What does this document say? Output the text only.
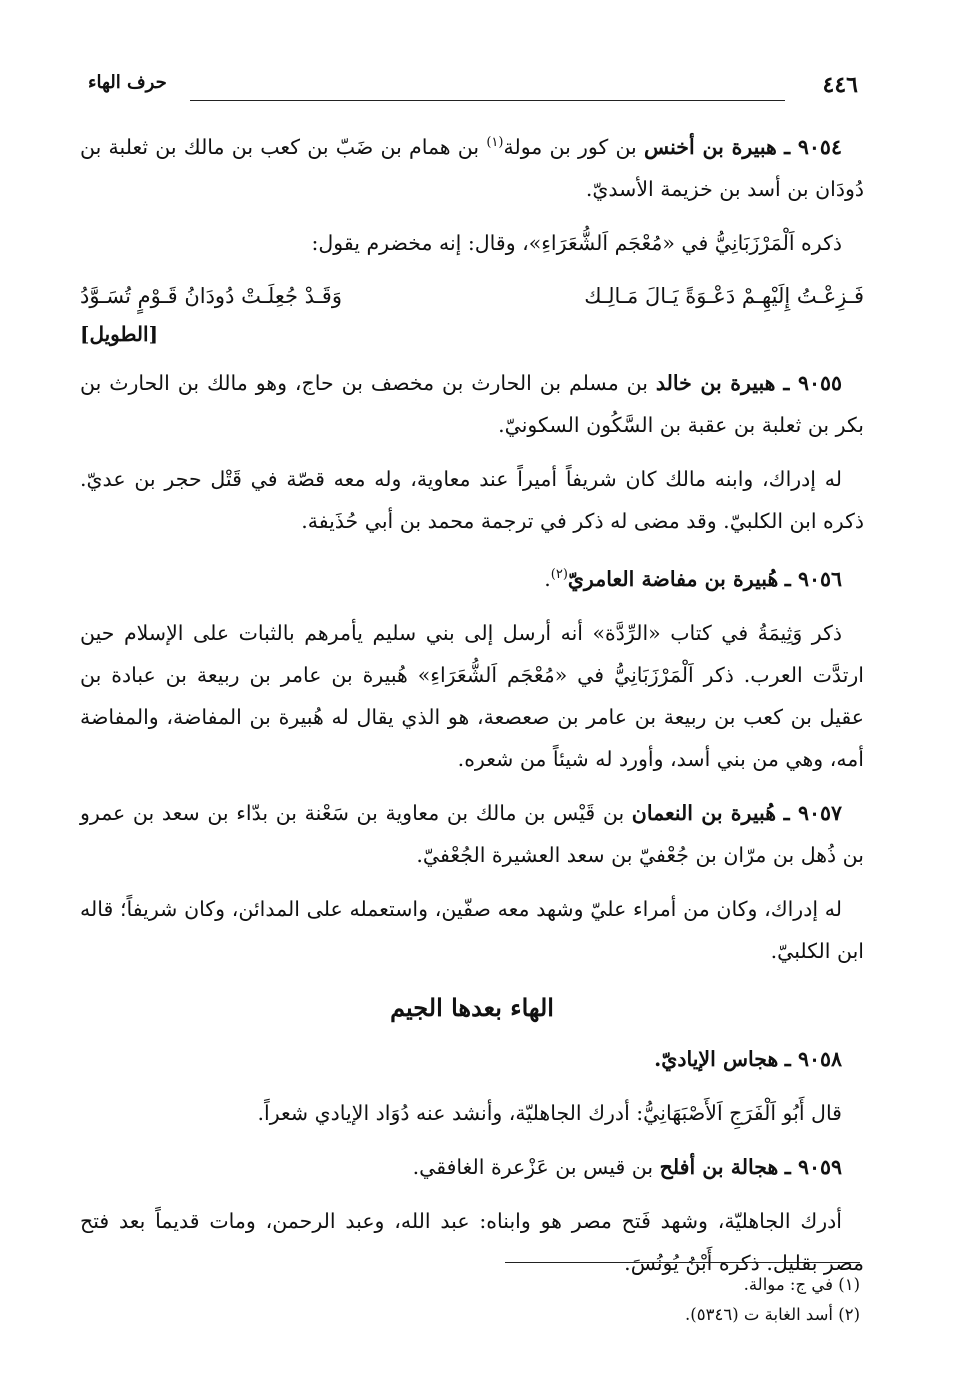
٤٤٦
حرف الهاء

٩٠٥٤ ـ هبيرة بن أخنس بن كور بن مولة$^{(١)}$ بن همام بن ضَبّ بن كعب بن مالك بن ثعلبة بن دُودَان بن أسد بن خزيمة الأسديّ.

ذكره اَلْمَرْزَبَانِيُّ في «مُعْجَم اَلشُّعَرَاءِ»، وقال: إنه مخضرم يقول:

فَـزِعْـتُ إِلَيْهِـمْ دَعْـوَةً يَـالَ مَـالِـك
وَقَـدْ جُعِلَـتْ دُودَانُ قَـوْمٍ تُسَـوَّدُ
[الطويل]

٩٠٥٥ ـ هبيرة بن خالد بن مسلم بن الحارث بن مخصف بن حاج، وهو مالك بن الحارث بن بكر بن ثعلبة بن عقبة بن السَّكُون السكونيّ.

له إدراك، وابنه مالك كان شريفاً أميراً عند معاوية، وله معه قصّة في قَتْل حجر بن عديّ. ذكره ابن الكلبيّ. وقد مضى له ذكر في ترجمة محمد بن أبي حُذَيفة.

٩٠٥٦ ـ هُبيرة بن مفاضة العامريّ$^{(٢)}$.

ذكر وَثِيمَةُ في كتاب «الرِّدَّة» أنه أرسل إلى بني سليم يأمرهم بالثبات على الإسلام حين ارتدَّت العرب. ذكر اَلْمَرْزَبَانِيُّ في «مُعْجَم اَلشُّعَرَاءِ» هُبيرة بن عامر بن ربيعة بن عبادة بن عقيل بن كعب بن ربيعة بن عامر بن صعصعة، هو الذي يقال له هُبيرة بن المفاضة، والمفاضة أمه، وهي من بني أسد، وأورد له شيئاً من شعره.

٩٠٥٧ ـ هُبيرة بن النعمان بن قَيْس بن مالك بن معاوية بن سَعْنة بن بدّاء بن سعد بن عمرو بن ذُهل بن مرّان بن جُعْفيّ بن سعد العشيرة الجُعْفيّ.

له إدراك، وكان من أمراء عليّ وشهد معه صفّين، واستعمله على المدائن، وكان شريفاً؛ قاله ابن الكلبيّ.

الهاء بعدها الجيم

٩٠٥٨ ـ هجاس الإياديّ.

قال أَبُو اَلْفَرَجِ اَلأَصْبَهَانِيُّ: أدرك الجاهليّة، وأنشد عنه دُوَاد الإيادي شعراً.

٩٠٥٩ ـ هجالة بن أفلح بن قيس بن عَزْعرة الغافقي.

أدرك الجاهليّة، وشهد فَتح مصر هو وابناه: عبد الله، وعبد الرحمن، ومات قديماً بعد فتح مصر بقليل. ذكره أَبْنُ يُونُسَ.

(١) في ج: موالة.
(٢) أسد الغابة ت (٥٣٤٦).
